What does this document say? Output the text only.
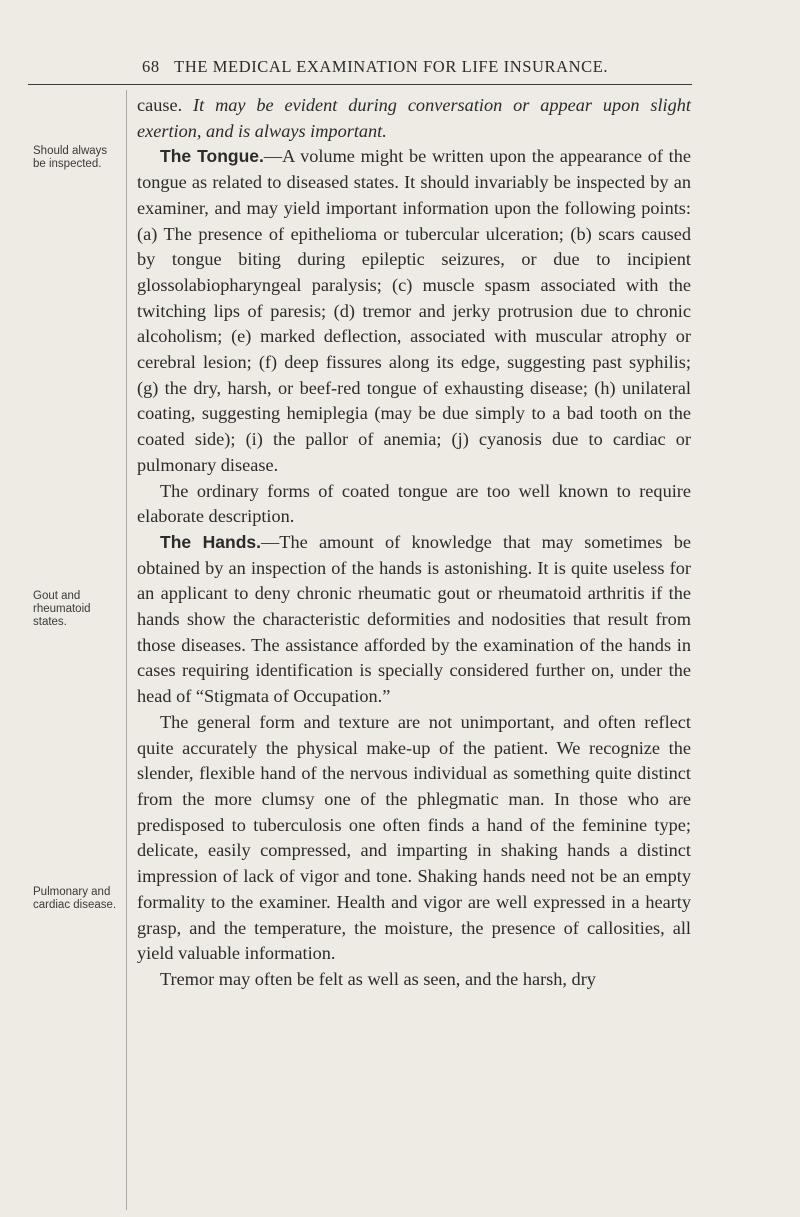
68 THE MEDICAL EXAMINATION FOR LIFE INSURANCE.
Should always be inspected.
Gout and rheumatoid states.
Pulmonary and cardiac disease.

cause. It may be evident during conversation or appear upon slight exertion, and is always important.

The Tongue.—A volume might be written upon the appearance of the tongue as related to diseased states. It should invariably be inspected by an examiner, and may yield important information upon the following points: (a) The presence of epithelioma or tubercular ulceration; (b) scars caused by tongue biting during epileptic seizures, or due to incipient glossolabiopharyngeal paralysis; (c) muscle spasm associated with the twitching lips of paresis; (d) tremor and jerky protrusion due to chronic alcoholism; (e) marked deflection, associated with muscular atrophy or cerebral lesion; (f) deep fissures along its edge, suggesting past syphilis; (g) the dry, harsh, or beef-red tongue of exhausting disease; (h) unilateral coating, suggesting hemiplegia (may be due simply to a bad tooth on the coated side); (i) the pallor of anemia; (j) cyanosis due to cardiac or pulmonary disease.

The ordinary forms of coated tongue are too well known to require elaborate description.

The Hands.—The amount of knowledge that may sometimes be obtained by an inspection of the hands is astonishing. It is quite useless for an applicant to deny chronic rheumatic gout or rheumatoid arthritis if the hands show the characteristic deformities and nodosities that result from those diseases. The assistance afforded by the examination of the hands in cases requiring identification is specially considered further on, under the head of “Stigmata of Occupation.”

The general form and texture are not unimportant, and often reflect quite accurately the physical make-up of the patient. We recognize the slender, flexible hand of the nervous individual as something quite distinct from the more clumsy one of the phlegmatic man. In those who are predisposed to tuberculosis one often finds a hand of the feminine type; delicate, easily compressed, and imparting in shaking hands a distinct impression of lack of vigor and tone. Shaking hands need not be an empty formality to the examiner. Health and vigor are well expressed in a hearty grasp, and the temperature, the moisture, the presence of callosities, all yield valuable information.

Tremor may often be felt as well as seen, and the harsh, dry
